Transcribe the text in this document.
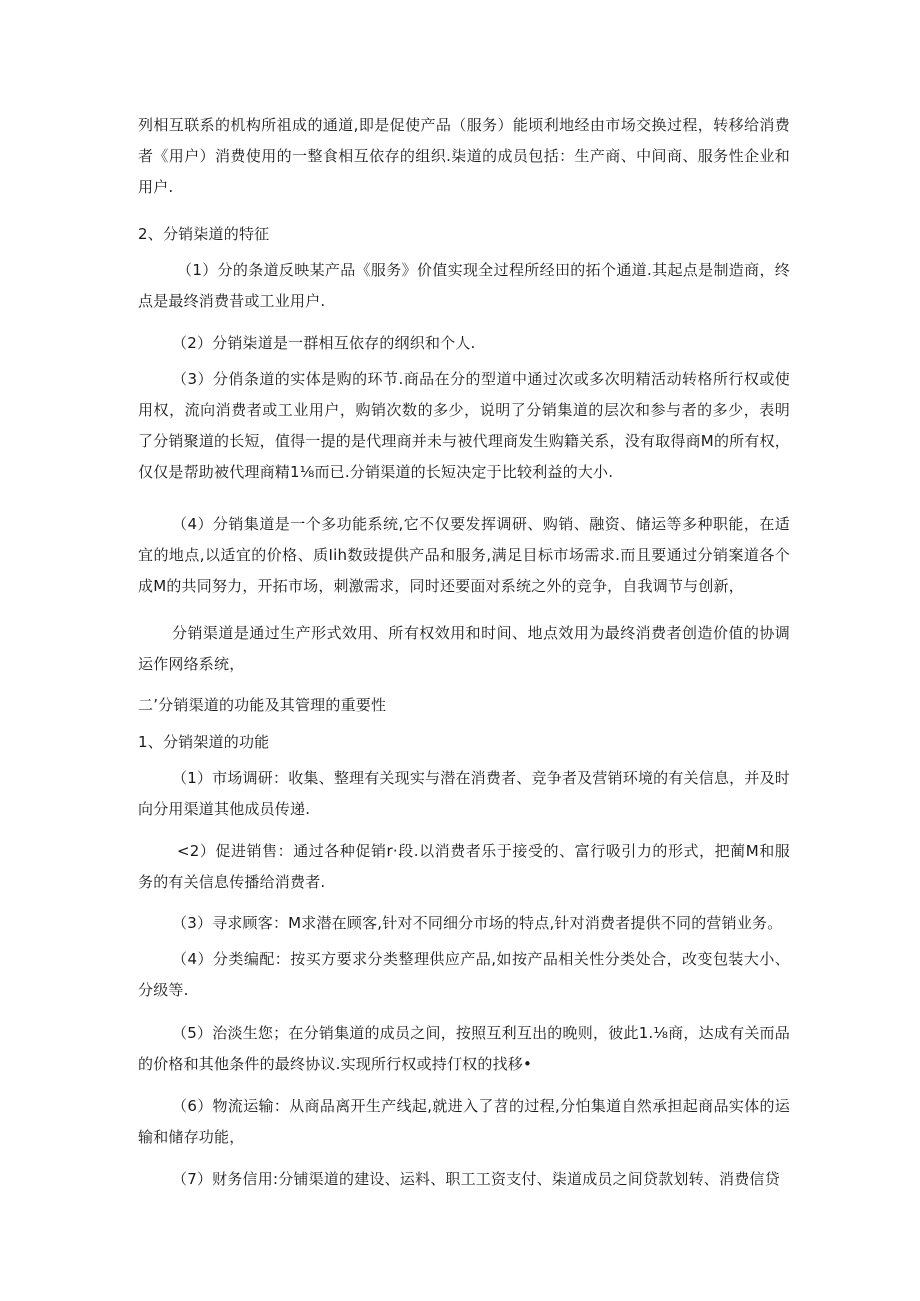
列相互联系的机构所祖成的通道,即是促使产品（服务）能顷利地经由市场交换过程，转移给消费者《用户）消费使用的一整食相互依存的组织.柒道的成员包括：生产商、中间商、服务性企业和用户.

2、分销柒道的特征

（1）分的条道反映某产品《服务》价值实现全过程所经田的拓个通道.其起点是制造商，终点是最终消费昔或工业用户.

（2）分销柒道是一群相互依存的纲织和个人.

（3）分俏条道的实体是购的环节.商品在分的型道中通过次或多次明精活动转格所行权或使用权，流向消费者或工业用户，购销次数的多少，说明了分销集道的层次和参与者的多少，表明了分销聚道的长短，值得一提的是代理商并未与被代理商发生购籍关系，没有取得商M的所有权，仅仅是帮助被代理商精1⅛而已.分销渠道的长短决定于比较利益的大小.

（4）分销集道是一个多功能系统,它不仅要发挥调研、购销、融资、储运等多种职能，在适宜的地点,以适宜的价格、质Iih数豉提供产品和服务,满足目标市场需求.而且要通过分销案道各个成M的共同努力，开拓市场，刺激需求，同时还要面对系统之外的竞争，自我调节与创新，

分销渠道是通过生产形式效用、所有权效用和时间、地点效用为最终消费者创造价值的协调运作网络系统，

二’分销渠道的功能及其管理的重要性

1、分销架道的功能

（1）市场调研：收集、整理有关现实与潜在消费者、竞争者及营销环境的有关信息，并及时向分用渠道其他成员传递.

<2）促进销售：通过各种促销r·段.以消费者乐于接受的、富行吸引力的形式，把蔺M和服务的有关信息传播给消费者.

（3）寻求顾客：M求潜在顾客,针对不同细分市场的特点,针对消费者提供不同的营销业务。

（4）分类编配：按买方要求分类整理供应产品,如按产品相关性分类处合，改变包装大小、分级等.

（5）治淡生您；在分销集道的成员之间，按照互利互出的晚则，彼此1.⅛商，达成有关而品的价格和其他条件的最终协议.实现所行权或持仃权的找移•

（6）物流运输：从商品离开生产线起,就进入了苕的过程,分怕集道自然承担起商品实体的运输和储存功能，

（7）财务信用:分铺渠道的建设、运料、职工工资支付、柒道成员之间贷款划转、消费信贷
